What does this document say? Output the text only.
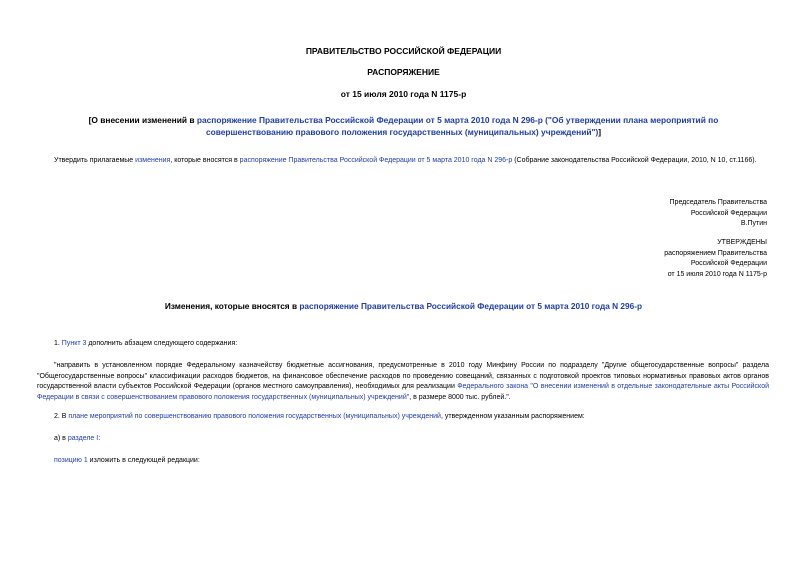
ПРАВИТЕЛЬСТВО РОССИЙСКОЙ ФЕДЕРАЦИИ
РАСПОРЯЖЕНИЕ
от 15 июля 2010 года N 1175-р
[О внесении изменений в распоряжение Правительства Российской Федерации от 5 марта 2010 года N 296-р ("Об утверждении плана мероприятий по совершенствованию правового положения государственных (муниципальных) учреждений")]
Утвердить прилагаемые изменения, которые вносятся в распоряжение Правительства Российской Федерации от 5 марта 2010 года N 296-р (Собрание законодательства Российской Федерации, 2010, N 10, ст.1166).
Председатель Правительства
Российской Федерации
В.Путин
УТВЕРЖДЕНЫ
распоряжением Правительства
Российской Федерации
от 15 июля 2010 года N 1175-р
Изменения, которые вносятся в распоряжение Правительства Российской Федерации от 5 марта 2010 года N 296-р
1. Пункт 3 дополнить абзацем следующего содержания:
"направить в установленном порядке Федеральному казначейству бюджетные ассигнования, предусмотренные в 2010 году Минфину России по подразделу "Другие общегосударственные вопросы" раздела "Общегосударственные вопросы" классификации расходов бюджетов, на финансовое обеспечение расходов по проведению совещаний, связанных с подготовкой проектов типовых нормативных правовых актов органов государственной власти субъектов Российской Федерации (органов местного самоуправления), необходимых для реализации Федерального закона "О внесении изменений в отдельные законодательные акты Российской Федерации в связи с совершенствованием правового положения государственных (муниципальных) учреждений", в размере 8000 тыс. рублей.".
2. В плане мероприятий по совершенствованию правового положения государственных (муниципальных) учреждений, утвержденном указанным распоряжением:
а) в разделе I:
позицию 1 изложить в следующей редакции:
